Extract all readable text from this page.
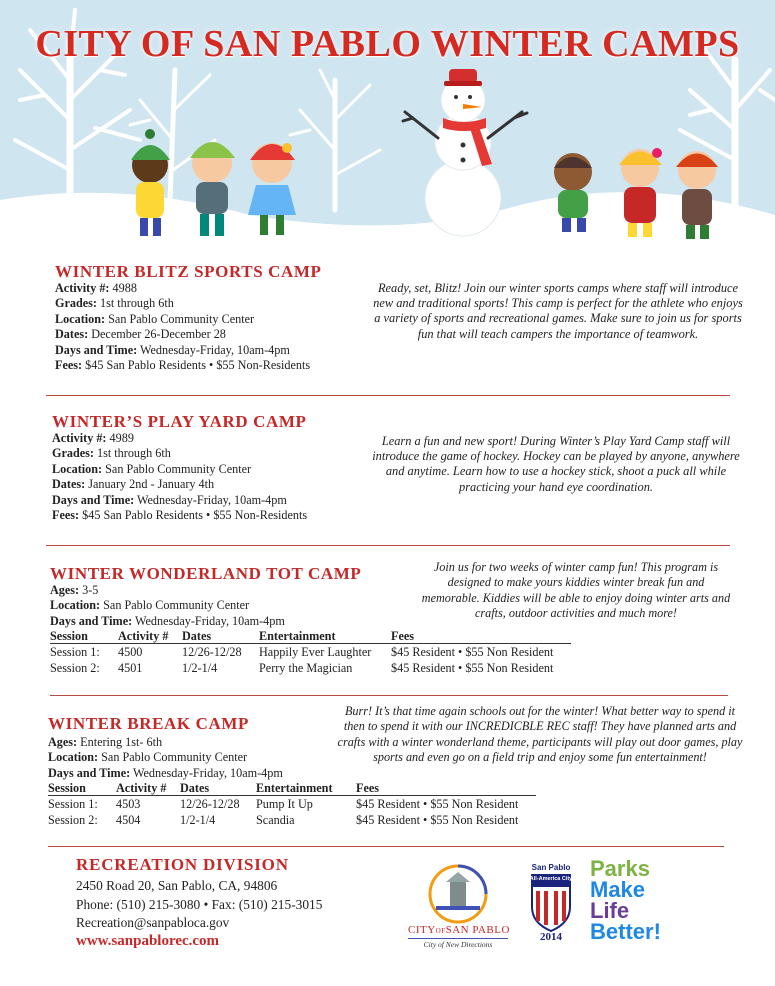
CITY OF SAN PABLO WINTER CAMPS
WINTER BLITZ SPORTS CAMP
Activity #: 4988
Grades: 1st through 6th
Location: San Pablo Community Center
Dates: December 26-December 28
Days and Time: Wednesday-Friday, 10am-4pm
Fees: $45 San Pablo Residents • $55 Non-Residents
Ready, set, Blitz! Join our winter sports camps where staff will introduce new and traditional sports! This camp is perfect for the athlete who enjoys a variety of sports and recreational games. Make sure to join us for sports fun that will teach campers the importance of teamwork.
WINTER’S PLAY YARD CAMP
Activity #: 4989
Grades: 1st through 6th
Location: San Pablo Community Center
Dates: January 2nd - January 4th
Days and Time: Wednesday-Friday, 10am-4pm
Fees: $45 San Pablo Residents • $55 Non-Residents
Learn a fun and new sport! During Winter’s Play Yard Camp staff will introduce the game of hockey. Hockey can be played by anyone, anywhere and anytime. Learn how to use a hockey stick, shoot a puck all while practicing your hand eye coordination.
WINTER WONDERLAND TOT CAMP
Ages: 3-5
Location: San Pablo Community Center
Days and Time: Wednesday-Friday, 10am-4pm
Join us for two weeks of winter camp fun! This program is designed to make yours kiddies winter break fun and memorable. Kiddies will be able to enjoy doing winter arts and crafts, outdoor activities and much more!
Session	Activity #	Dates	Entertainment	Fees
Session 1:	4500	12/26-12/28	Happily Ever Laughter	$45 Resident • $55 Non Resident
Session 2:	4501	1/2-1/4	Perry the Magician	$45 Resident • $55 Non Resident
WINTER BREAK CAMP
Ages: Entering 1st- 6th
Location: San Pablo Community Center
Days and Time: Wednesday-Friday, 10am-4pm
Burr! It’s that time again schools out for the winter! What better way to spend it then to spend it with our INCREDICBLE REC staff! They have planned arts and crafts with a winter wonderland theme, participants will play out door games, play sports and even go on a field trip and enjoy some fun entertainment!
Session	Activity #	Dates	Entertainment	Fees
Session 1:	4503	12/26-12/28	Pump It Up	$45 Resident • $55 Non Resident
Session 2:	4504	1/2-1/4	Scandia	$45 Resident • $55 Non Resident
RECREATION DIVISION
2450 Road 20, San Pablo, CA, 94806
Phone: (510) 215-3080 • Fax: (510) 215-3015
Recreation@sanpabloca.gov
www.sanpablorec.com
CITYOFSAN PABLO
City of New Directions
San Pablo
All-America City
2014
Parks
Make
Life
Better!
